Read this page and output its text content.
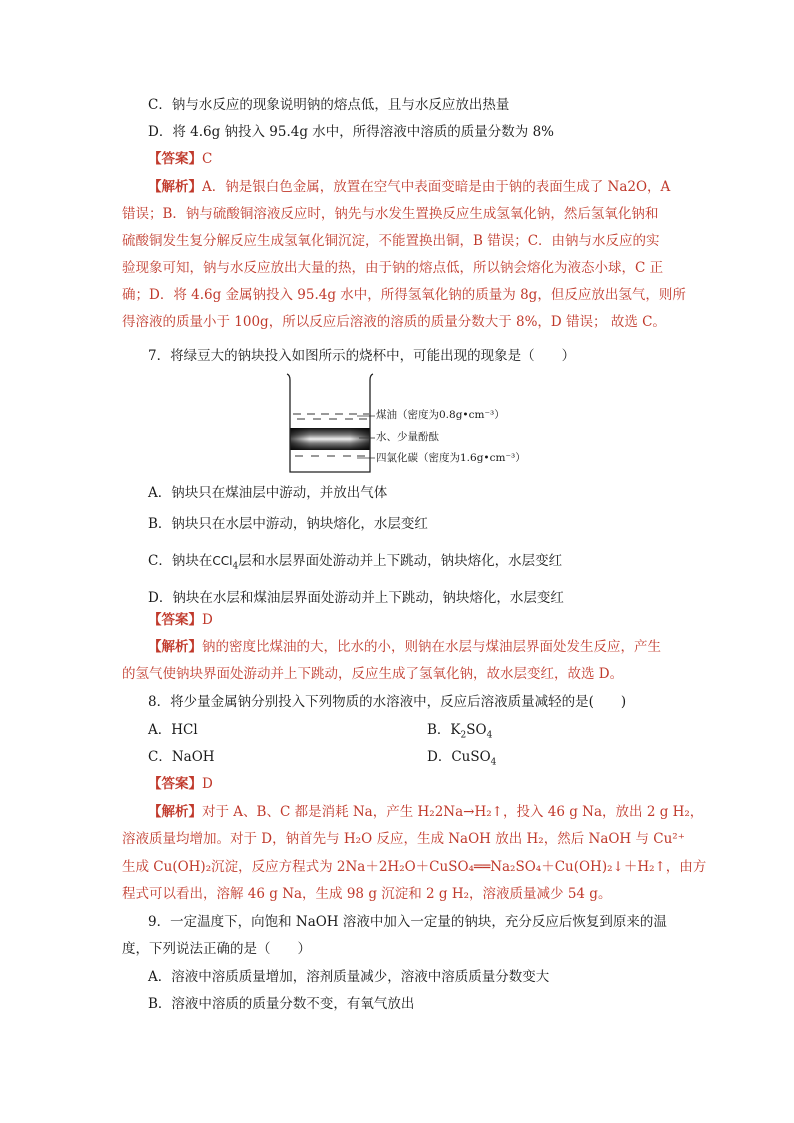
C．钠与水反应的现象说明钠的熔点低，且与水反应放出热量
D．将 4.6g 钠投入 95.4g 水中，所得溶液中溶质的质量分数为 8%
【答案】C
【解析】A．钠是银白色金属，放置在空气中表面变暗是由于钠的表面生成了 Na2O，A
错误；B．钠与硫酸铜溶液反应时，钠先与水发生置换反应生成氢氧化钠，然后氢氧化钠和
硫酸铜发生复分解反应生成氢氧化铜沉淀，不能置换出铜，B 错误；C．由钠与水反应的实
验现象可知，钠与水反应放出大量的热，由于钠的熔点低，所以钠会熔化为液态小球，C 正
确；D．将 4.6g 金属钠投入 95.4g 水中，所得氢氧化钠的质量为 8g，但反应放出氢气，则所
得溶液的质量小于 100g，所以反应后溶液的溶质的质量分数大于 8%，D 错误； 故选 C。
7．将绿豆大的钠块投入如图所示的烧杯中，可能出现的现象是（　　）
煤油（密度为0.8g•cm⁻³）
水、少量酚酞
四氯化碳（密度为1.6g•cm⁻³）
A．钠块只在煤油层中游动，并放出气体
B．钠块只在水层中游动，钠块熔化，水层变红
C．钠块在CCl$_4$层和水层界面处游动并上下跳动，钠块熔化，水层变红
D．钠块在水层和煤油层界面处游动并上下跳动，钠块熔化，水层变红
【答案】D
【解析】钠的密度比煤油的大，比水的小，则钠在水层与煤油层界面处发生反应，产生
的氢气使钠块界面处游动并上下跳动，反应生成了氢氧化钠，故水层变红，故选 D。
8．将少量金属钠分别投入下列物质的水溶液中，反应后溶液质量减轻的是(　　)
A．HCl	B．$K_2SO_4$
C．NaOH	D．CuSO$_4$
【答案】D
【解析】对于 A、B、C 都是消耗 Na，产生 H₂2Na→H₂↑，投入 46 g Na，放出 2 g H₂，
溶液质量均增加。对于 D，钠首先与 H₂O 反应，生成 NaOH 放出 H₂，然后 NaOH 与 Cu²⁺
生成 Cu(OH)₂沉淀，反应方程式为 2Na＋2H₂O＋CuSO₄══Na₂SO₄＋Cu(OH)₂↓＋H₂↑，由方
程式可以看出，溶解 46 g Na，生成 98 g 沉淀和 2 g H₂，溶液质量减少 54 g。
9．一定温度下，向饱和 NaOH 溶液中加入一定量的钠块，充分反应后恢复到原来的温
度，下列说法正确的是（　　）
A．溶液中溶质质量增加，溶剂质量减少，溶液中溶质质量分数变大
B．溶液中溶质的质量分数不变，有氧气放出
